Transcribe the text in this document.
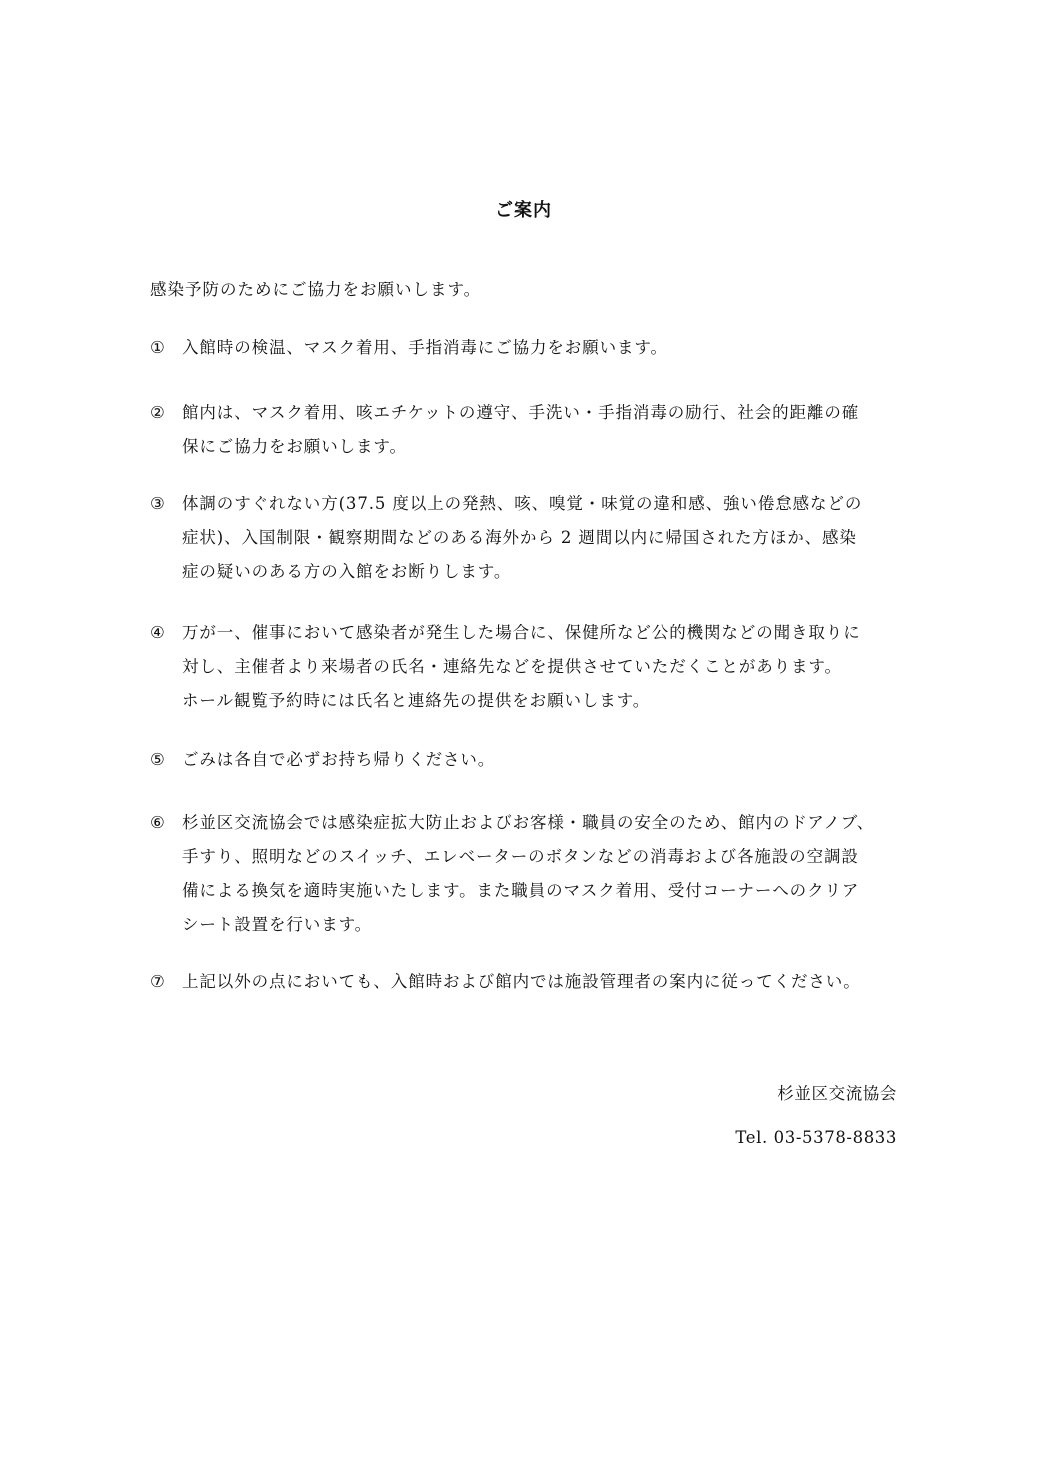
ご案内
感染予防のためにご協力をお願いします。
① 入館時の検温、マスク着用、手指消毒にご協力をお願います。
② 館内は、マスク着用、咳エチケットの遵守、手洗い・手指消毒の励行、社会的距離の確
保にご協力をお願いします。
③ 体調のすぐれない方(37.5 度以上の発熱、咳、嗅覚・味覚の違和感、強い倦怠感などの
症状)、入国制限・観察期間などのある海外から 2 週間以内に帰国された方ほか、感染
症の疑いのある方の入館をお断りします。
④ 万が一、催事において感染者が発生した場合に、保健所など公的機関などの聞き取りに
対し、主催者より来場者の氏名・連絡先などを提供させていただくことがあります。
ホール観覧予約時には氏名と連絡先の提供をお願いします。
⑤ ごみは各自で必ずお持ち帰りください。
⑥ 杉並区交流協会では感染症拡大防止およびお客様・職員の安全のため、館内のドアノブ、
手すり、照明などのスイッチ、エレベーターのボタンなどの消毒および各施設の空調設
備による換気を適時実施いたします。また職員のマスク着用、受付コーナーへのクリア
シート設置を行います。
⑦ 上記以外の点においても、入館時および館内では施設管理者の案内に従ってください。
杉並区交流協会
Tel. 03-5378-8833
